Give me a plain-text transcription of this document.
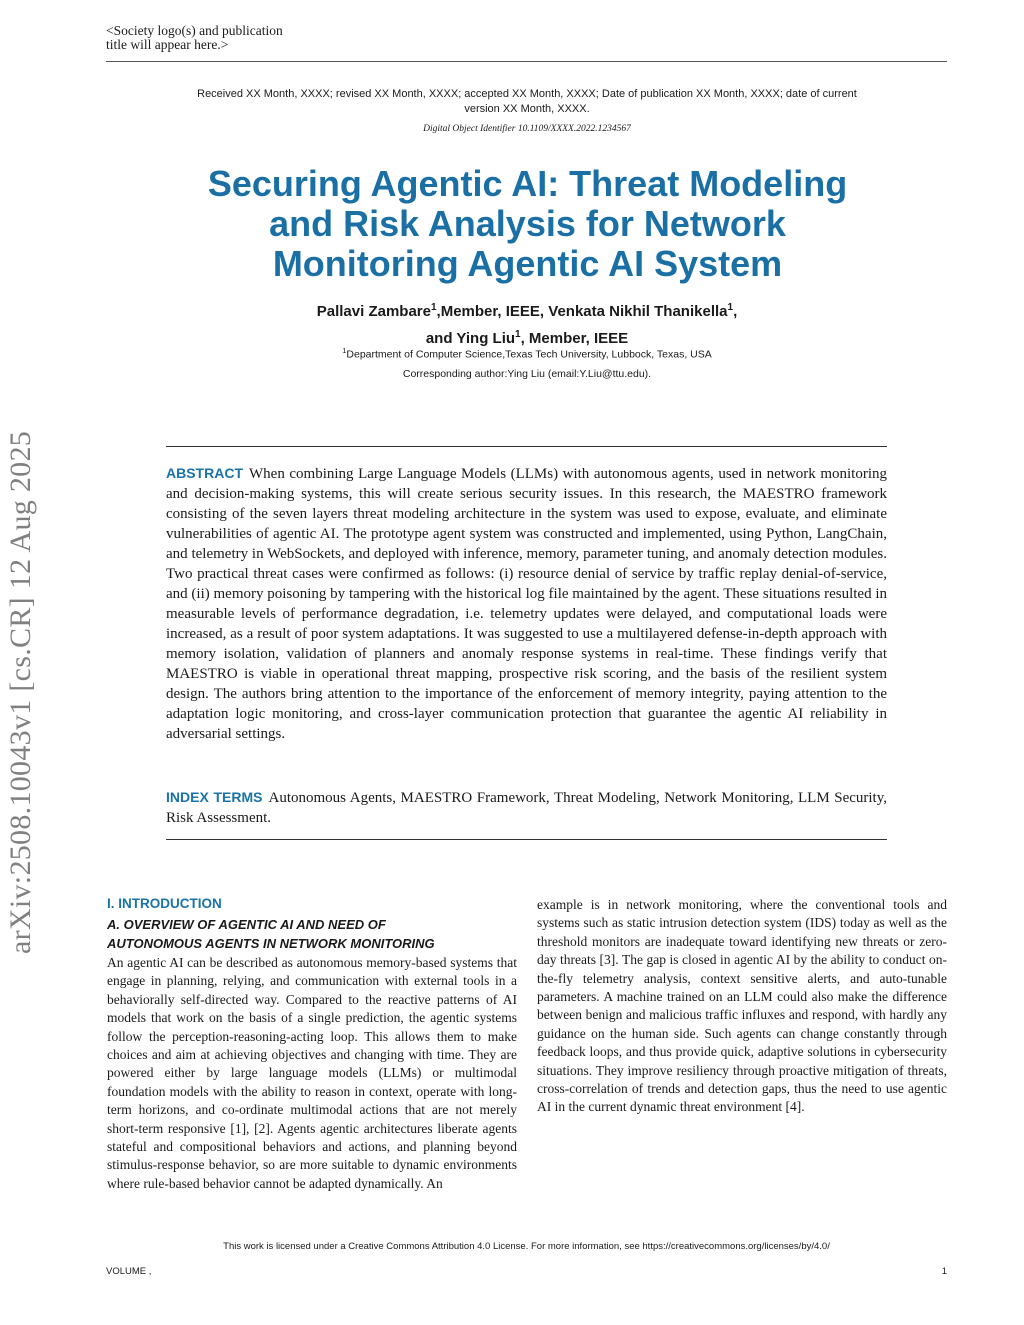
<Society logo(s) and publication
title will appear here.>
Received XX Month, XXXX; revised XX Month, XXXX; accepted XX Month, XXXX; Date of publication XX Month, XXXX; date of current version XX Month, XXXX.
Digital Object Identifier 10.1109/XXXX.2022.1234567
Securing Agentic AI: Threat Modeling
and Risk Analysis for Network
Monitoring Agentic AI System
Pallavi Zambare$^1$,Member, IEEE, Venkata Nikhil Thanikella$^1$,
and Ying Liu$^1$, Member, IEEE
$^1$Department of Computer Science,Texas Tech University, Lubbock, Texas, USA
Corresponding author:Ying Liu (email:Y.Liu@ttu.edu).
ABSTRACT When combining Large Language Models (LLMs) with autonomous agents, used in network monitoring and decision-making systems, this will create serious security issues. In this research, the MAESTRO framework consisting of the seven layers threat modeling architecture in the system was used to expose, evaluate, and eliminate vulnerabilities of agentic AI. The prototype agent system was constructed and implemented, using Python, LangChain, and telemetry in WebSockets, and deployed with inference, memory, parameter tuning, and anomaly detection modules. Two practical threat cases were confirmed as follows: (i) resource denial of service by traffic replay denial-of-service, and (ii) memory poisoning by tampering with the historical log file maintained by the agent. These situations resulted in measurable levels of performance degradation, i.e. telemetry updates were delayed, and computational loads were increased, as a result of poor system adaptations. It was suggested to use a multilayered defense-in-depth approach with memory isolation, validation of planners and anomaly response systems in real-time. These findings verify that MAESTRO is viable in operational threat mapping, prospective risk scoring, and the basis of the resilient system design. The authors bring attention to the importance of the enforcement of memory integrity, paying attention to the adaptation logic monitoring, and cross-layer communication protection that guarantee the agentic AI reliability in adversarial settings.
INDEX TERMS Autonomous Agents, MAESTRO Framework, Threat Modeling, Network Monitoring, LLM Security, Risk Assessment.
I. INTRODUCTION
A. OVERVIEW OF AGENTIC AI AND NEED OF
AUTONOMOUS AGENTS IN NETWORK MONITORING
An agentic AI can be described as autonomous memory-based systems that engage in planning, relying, and communication with external tools in a behaviorally self-directed way. Compared to the reactive patterns of AI models that work on the basis of a single prediction, the agentic systems follow the perception-reasoning-acting loop. This allows them to make choices and aim at achieving objectives and changing with time. They are powered either by large language models (LLMs) or multimodal foundation models with the ability to reason in context, operate with long-term horizons, and co-ordinate multimodal actions that are not merely short-term responsive [1], [2]. Agents agentic architectures liberate agents stateful and compositional behaviors and actions, and planning beyond stimulus-response behavior, so are more suitable to dynamic environments where rule-based behavior cannot be adapted dynamically. An
example is in network monitoring, where the conventional tools and systems such as static intrusion detection system (IDS) today as well as the threshold monitors are inadequate toward identifying new threats or zero-day threats [3]. The gap is closed in agentic AI by the ability to conduct on-the-fly telemetry analysis, context sensitive alerts, and auto-tunable parameters. A machine trained on an LLM could also make the difference between benign and malicious traffic influxes and respond, with hardly any guidance on the human side. Such agents can change constantly through feedback loops, and thus provide quick, adaptive solutions in cybersecurity situations. They improve resiliency through proactive mitigation of threats, cross-correlation of trends and detection gaps, thus the need to use agentic AI in the current dynamic threat environment [4].
This work is licensed under a Creative Commons Attribution 4.0 License. For more information, see https://creativecommons.org/licenses/by/4.0/
VOLUME ,	1
arXiv:2508.10043v1 [cs.CR] 12 Aug 2025
